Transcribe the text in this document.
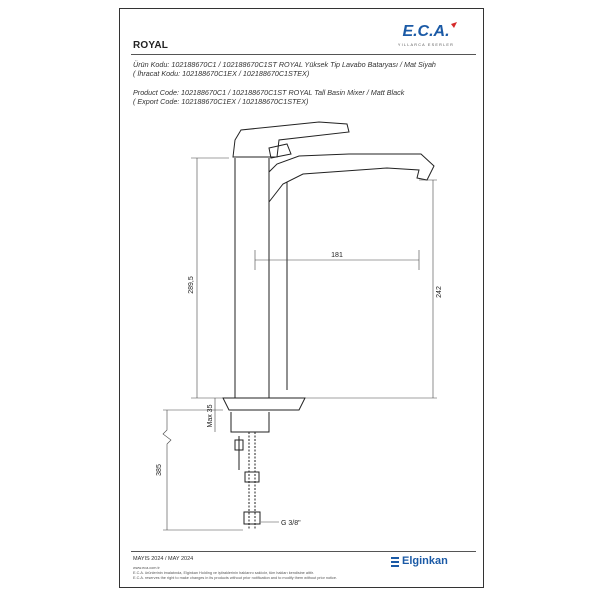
E.C.A.
YILLARCA ESERLER
ROYAL
Ürün Kodu: 102188670C1 / 102188670C1ST ROYAL Yüksek Tip Lavabo Bataryası / Mat Siyah
( İhracat Kodu: 102188670C1EX / 102188670C1STEX)
Product Code: 102188670C1 / 102188670C1ST ROYAL Tall Basin Mixer / Matt Black
( Export Code: 102188670C1EX / 102188670C1STEX)
289,5	242
181
Max 35
385
G 3/8"
MAYIS 2024 / MAY 2024
www.eca.com.tr
E.C.A. ürünlerinin imalatında, Elginkan Holding ve iştiraklerinin haklarını saklıdır, tüm hakları kendisine aittir.
E.C.A. reserves the right to make changes in its products without prior notification and to modify them without prior notice.
Elginkan
